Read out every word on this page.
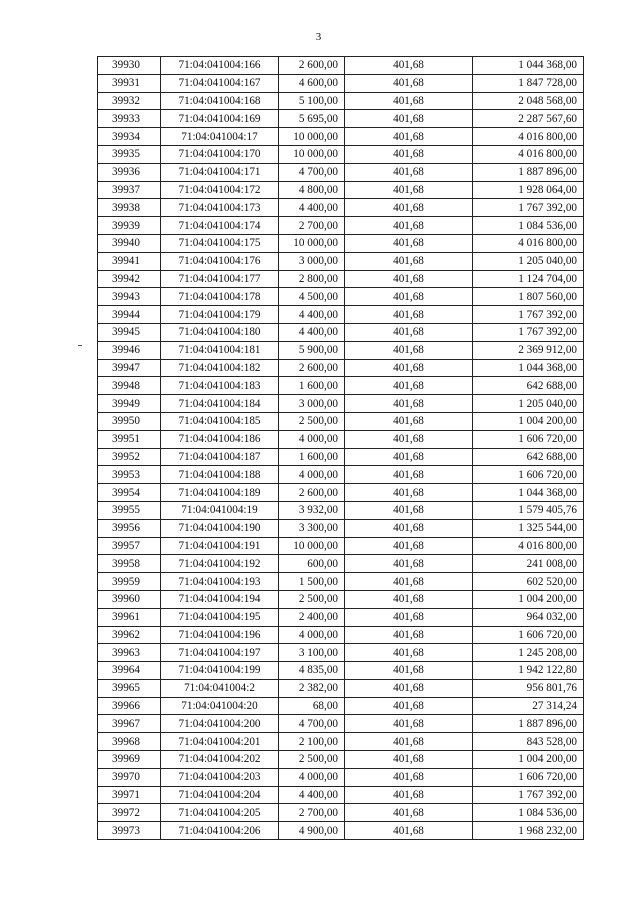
3
39930	71:04:041004:166	2 600,00	401,68	1 044 368,00
39931	71:04:041004:167	4 600,00	401,68	1 847 728,00
39932	71:04:041004:168	5 100,00	401,68	2 048 568,00
39933	71:04:041004:169	5 695,00	401,68	2 287 567,60
39934	71:04:041004:17	10 000,00	401,68	4 016 800,00
39935	71:04:041004:170	10 000,00	401,68	4 016 800,00
39936	71:04:041004:171	4 700,00	401,68	1 887 896,00
39937	71:04:041004:172	4 800,00	401,68	1 928 064,00
39938	71:04:041004:173	4 400,00	401,68	1 767 392,00
39939	71:04:041004:174	2 700,00	401,68	1 084 536,00
39940	71:04:041004:175	10 000,00	401,68	4 016 800,00
39941	71:04:041004:176	3 000,00	401,68	1 205 040,00
39942	71:04:041004:177	2 800,00	401,68	1 124 704,00
39943	71:04:041004:178	4 500,00	401,68	1 807 560,00
39944	71:04:041004:179	4 400,00	401,68	1 767 392,00
39945	71:04:041004:180	4 400,00	401,68	1 767 392,00
39946	71:04:041004:181	5 900,00	401,68	2 369 912,00
39947	71:04:041004:182	2 600,00	401,68	1 044 368,00
39948	71:04:041004:183	1 600,00	401,68	642 688,00
39949	71:04:041004:184	3 000,00	401,68	1 205 040,00
39950	71:04:041004:185	2 500,00	401,68	1 004 200,00
39951	71:04:041004:186	4 000,00	401,68	1 606 720,00
39952	71:04:041004:187	1 600,00	401,68	642 688,00
39953	71:04:041004:188	4 000,00	401,68	1 606 720,00
39954	71:04:041004:189	2 600,00	401,68	1 044 368,00
39955	71:04:041004:19	3 932,00	401,68	1 579 405,76
39956	71:04:041004:190	3 300,00	401,68	1 325 544,00
39957	71:04:041004:191	10 000,00	401,68	4 016 800,00
39958	71:04:041004:192	600,00	401,68	241 008,00
39959	71:04:041004:193	1 500,00	401,68	602 520,00
39960	71:04:041004:194	2 500,00	401,68	1 004 200,00
39961	71:04:041004:195	2 400,00	401,68	964 032,00
39962	71:04:041004:196	4 000,00	401,68	1 606 720,00
39963	71:04:041004:197	3 100,00	401,68	1 245 208,00
39964	71:04:041004:199	4 835,00	401,68	1 942 122,80
39965	71:04:041004:2	2 382,00	401,68	956 801,76
39966	71:04:041004:20	68,00	401,68	27 314,24
39967	71:04:041004:200	4 700,00	401,68	1 887 896,00
39968	71:04:041004:201	2 100,00	401,68	843 528,00
39969	71:04:041004:202	2 500,00	401,68	1 004 200,00
39970	71:04:041004:203	4 000,00	401,68	1 606 720,00
39971	71:04:041004:204	4 400,00	401,68	1 767 392,00
39972	71:04:041004:205	2 700,00	401,68	1 084 536,00
39973	71:04:041004:206	4 900,00	401,68	1 968 232,00
